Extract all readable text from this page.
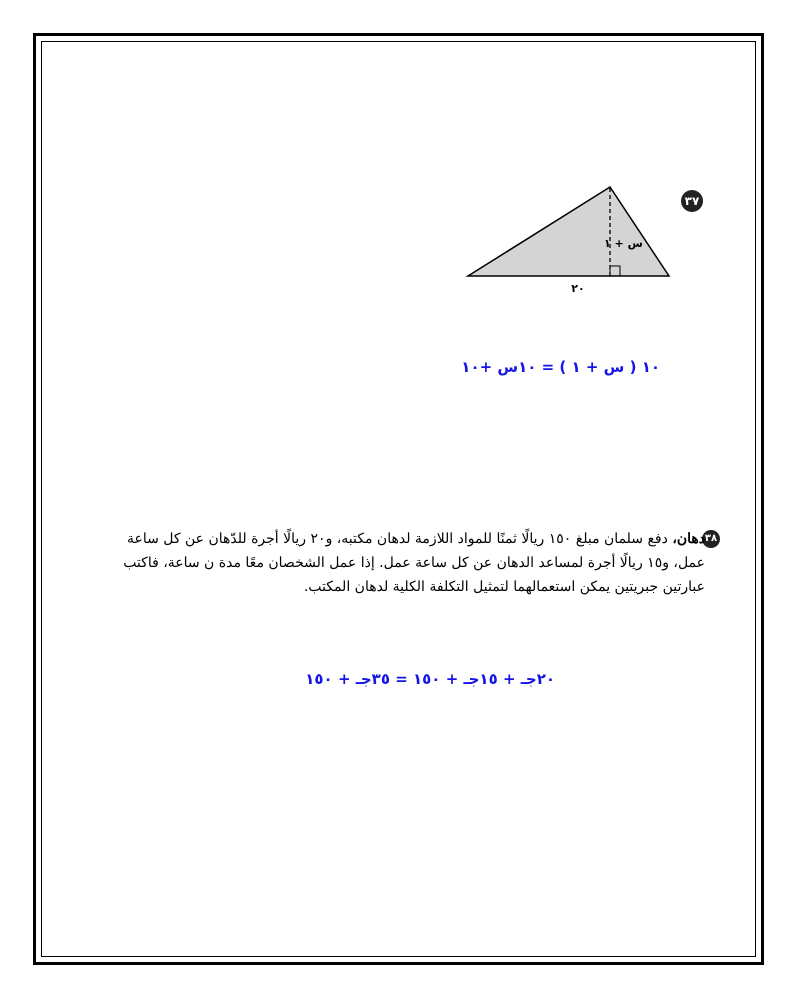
٣٧
س + ١
٢٠
١٠ ( س + ١ ) = ١٠س +١٠
٣٨
دهان، دفع سلمان مبلغ ١٥٠ ريالًا ثمنًا للمواد اللازمة لدهان مكتبه، و٢٠ ريالًا أجرة للدّهان عن كل ساعة عمل، و١٥ ريالًا أجرة لمساعد الدهان عن كل ساعة عمل. إذا عمل الشخصان معًا مدة ن ساعة، فاكتب عبارتين جبريتين يمكن استعمالهما لتمثيل التكلفة الكلية لدهان المكتب.
٢٠جـ + ١٥جـ + ١٥٠ = ٣٥جـ + ١٥٠
